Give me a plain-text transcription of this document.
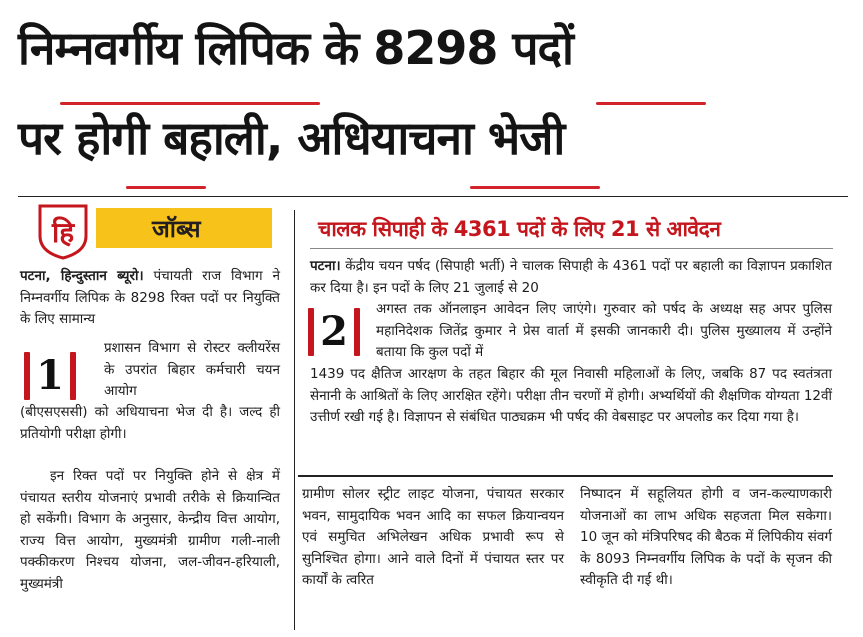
निम्नवर्गीय लिपिक के 8298 पदों
पर होगी बहाली, अधियाचना भेजी
हि	जॉब्स
पटना, हिन्दुस्तान ब्यूरो। पंचायती राज विभाग ने निम्नवर्गीय लिपिक के 8298 रिक्त पदों पर नियुक्ति के लिए सामान्य
1
प्रशासन विभाग से रोस्टर क्लीयरेंस के उपरांत बिहार कर्मचारी चयन आयोग
(बीएसएससी) को अधियाचना भेज दी है। जल्द ही प्रतियोगी परीक्षा होगी।
इन रिक्त पदों पर नियुक्ति होने से क्षेत्र में पंचायत स्तरीय योजनाएं प्रभावी तरीके से क्रियान्वित हो सकेंगी। विभाग के अनुसार, केन्द्रीय वित्त आयोग, राज्य वित्त आयोग, मुख्यमंत्री ग्रामीण गली-नाली पक्कीकरण निश्चय योजना, जल-जीवन-हरियाली, मुख्यमंत्री
चालक सिपाही के 4361 पदों के लिए 21 से आवेदन
पटना। केंद्रीय चयन पर्षद (सिपाही भर्ती) ने चालक सिपाही के 4361 पदों पर बहाली का विज्ञापन प्रकाशित कर दिया है। इन पदों के लिए 21 जुलाई से 20
2	अगस्त तक ऑनलाइन आवेदन लिए जाएंगे। गुरुवार को पर्षद के अध्यक्ष सह अपर पुलिस महानिदेशक जितेंद्र कुमार ने प्रेस वार्ता में इसकी जानकारी दी। पुलिस मुख्यालय में उन्होंने बताया कि कुल पदों में
1439 पद क्षैतिज आरक्षण के तहत बिहार की मूल निवासी महिलाओं के लिए, जबकि 87 पद स्वतंत्रता सेनानी के आश्रितों के लिए आरक्षित रहेंगे। परीक्षा तीन चरणों में होगी। अभ्यर्थियों की शैक्षणिक योग्यता 12वीं उत्तीर्ण रखी गई है। विज्ञापन से संबंधित पाठ्यक्रम भी पर्षद की वेबसाइट पर अपलोड कर दिया गया है।
ग्रामीण सोलर स्ट्रीट लाइट योजना, पंचायत सरकार भवन, सामुदायिक भवन आदि का सफल क्रियान्वयन एवं समुचित अभिलेखन अधिक प्रभावी रूप से सुनिश्चित होगा। आने वाले दिनों में पंचायत स्तर पर कार्यों के त्वरित
निष्पादन में सहूलियत होगी व जन-कल्याणकारी योजनाओं का लाभ अधिक सहजता मिल सकेगा। 10 जून को मंत्रिपरिषद की बैठक में लिपिकीय संवर्ग के 8093 निम्नवर्गीय लिपिक के पदों के सृजन की स्वीकृति दी गई थी।
